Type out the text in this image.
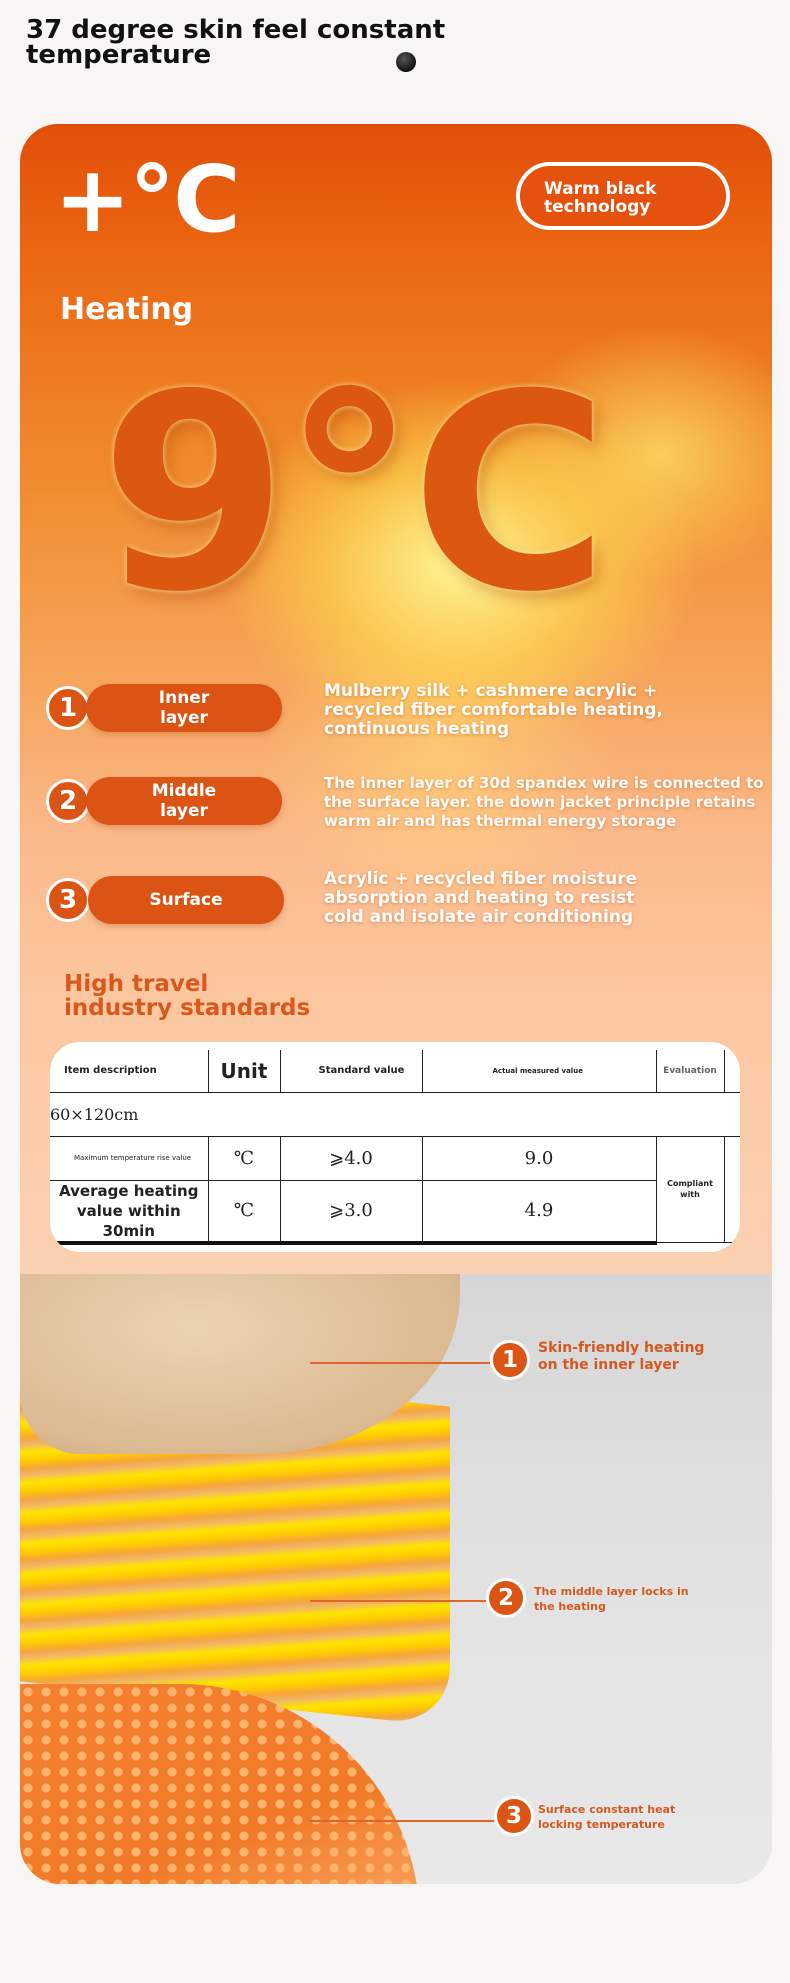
37 degree skin feel constant temperature
+°C	Warm black technology
Heating
9°C
1	Inner layer
Mulberry silk + cashmere acrylic + recycled fiber comfortable heating, continuous heating
2	Middle layer
The inner layer of 30d spandex wire is connected to the surface layer. the down jacket principle retains warm air and has thermal energy storage
3	Surface
Acrylic + recycled fiber moisture absorption and heating to resist cold and isolate air conditioning
High travel industry standards
Item description	Unit	Standard value	Actual measured value	Evaluation	
60×120cm					
Maximum temperature rise value	℃	⩾4.0	9.0	Compliant with	
Average heating value within 30min	℃	⩾3.0	4.9		
1	Skin-friendly heating on the inner layer
2	The middle layer locks in the heating
3	Surface constant heat locking temperature
